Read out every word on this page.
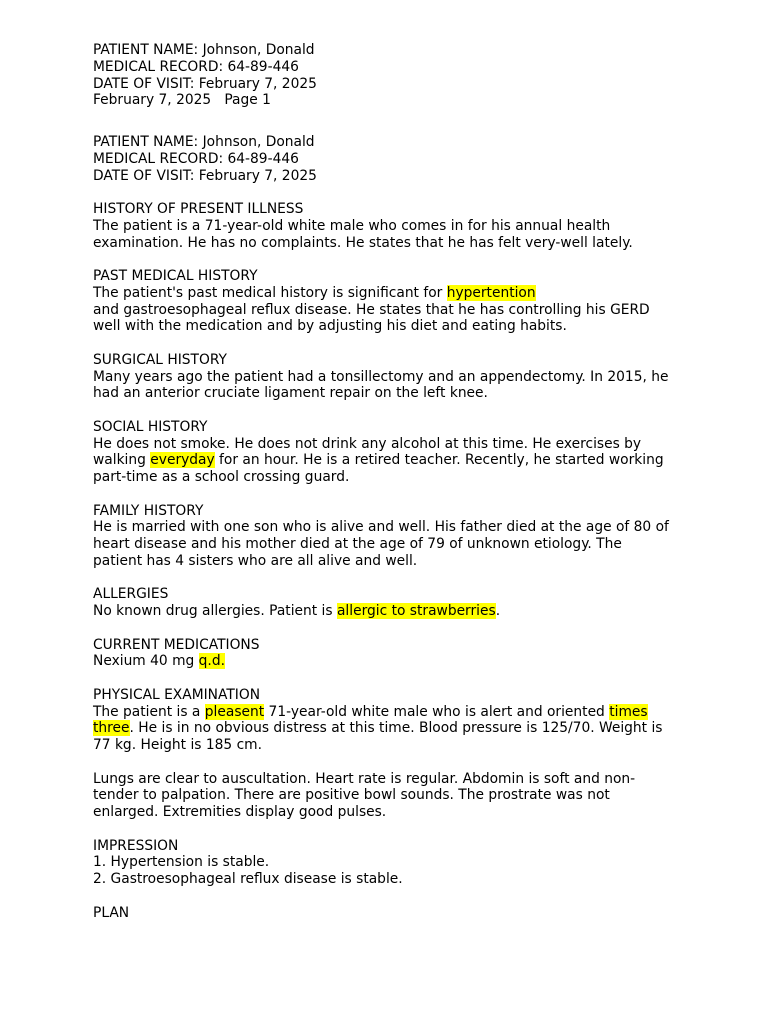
PATIENT NAME: Johnson, Donald
MEDICAL RECORD: 64-89-446
DATE OF VISIT: February 7, 2025
February 7, 2025   Page 1
PATIENT NAME: Johnson, Donald
MEDICAL RECORD: 64-89-446
DATE OF VISIT: February 7, 2025
HISTORY OF PRESENT ILLNESS
The patient is a 71-year-old white male who comes in for his annual health examination. He has no complaints. He states that he has felt very-well lately.
PAST MEDICAL HISTORY
The patient's past medical history is significant for hypertention
and gastroesophageal reflux disease. He states that he has controlling his GERD well with the medication and by adjusting his diet and eating habits.
SURGICAL HISTORY
Many years ago the patient had a tonsillectomy and an appendectomy. In 2015, he had an anterior cruciate ligament repair on the left knee.
SOCIAL HISTORY
He does not smoke. He does not drink any alcohol at this time. He exercises by walking everyday for an hour. He is a retired teacher. Recently, he started working part-time as a school crossing guard.
FAMILY HISTORY
He is married with one son who is alive and well. His father died at the age of 80 of heart disease and his mother died at the age of 79 of unknown etiology. The patient has 4 sisters who are all alive and well.
ALLERGIES
No known drug allergies. Patient is allergic to strawberries.
CURRENT MEDICATIONS
Nexium 40 mg q.d.
PHYSICAL EXAMINATION
The patient is a pleasent 71-year-old white male who is alert and oriented times three. He is in no obvious distress at this time. Blood pressure is 125/70. Weight is 77 kg. Height is 185 cm.
Lungs are clear to auscultation. Heart rate is regular. Abdomin is soft and non-tender to palpation. There are positive bowl sounds. The prostrate was not enlarged. Extremities display good pulses.
IMPRESSION
1. Hypertension is stable.
2. Gastroesophageal reflux disease is stable.
PLAN
